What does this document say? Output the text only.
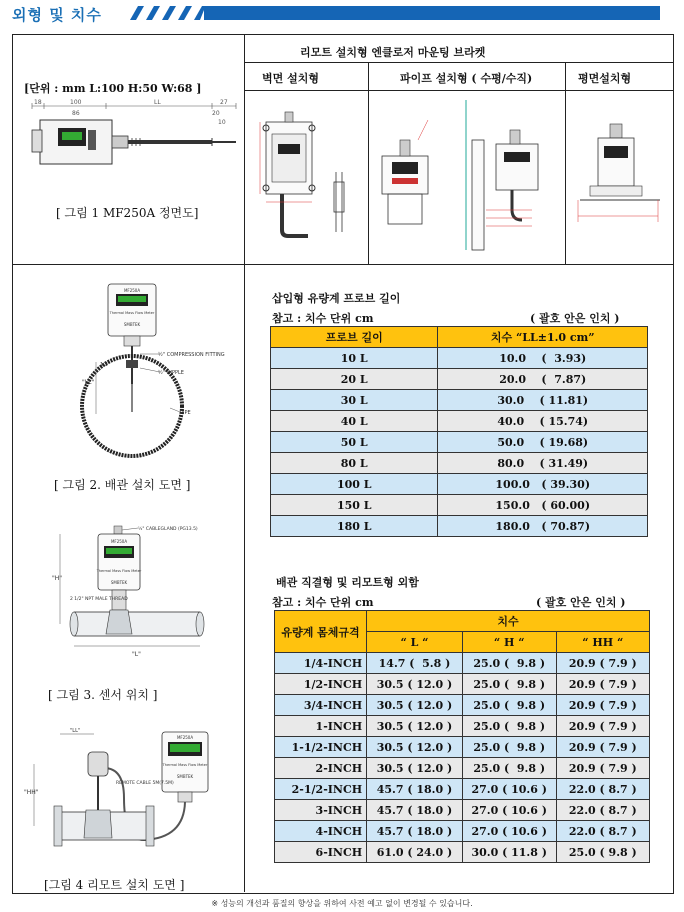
외형 및 치수
[단위 : mm L:100 H:50 W:68 ]
18	100	LL	27
20
10
86
[ 그림 1 MF250A 정면도]
리모트 설치형 엔클로저 마운팅 브라켓
벽면 설치형	파이프 설치형 ( 수평/수직)	평면설치형
MF250A
Thermal Mass Flow Meter
SMBTEK
"LL"
1.5
½" COMPRESSION FITTING
½" NIPPLE
PIPE
[ 그림 2. 배관 설치 도면 ]
½" CABLEGLAND (PG13.5)
MF250A
Thermal Mass Flow Meter
SMBTEK
2 1/2" NPT MALE THREAD
"L"
"H"
[ 그림 3. 센서 위치 ]
MF250A
Thermal Mass Flow Meter
SMBTEK
REMOTE CABLE 5M(7.5M)
"HH"
"LL"
[그림 4 리모트 설치 도면 ]
삽입형 유량계 프로브 길이
참고 : 치수 단위 cm	( 괄호 안은 인치 )
프로브 길이	치수 “LL±1.0 cm”
10 L	10.0    (  3.93)
20 L	20.0    (  7.87)
30 L	30.0    ( 11.81)
40 L	40.0    ( 15.74)
50 L	50.0    ( 19.68)
80 L	80.0    ( 31.49)
100 L	100.0   ( 39.30)
150 L	150.0   ( 60.00)
180 L	180.0   ( 70.87)
배관 직결형 및 리모트형 외함
참고 : 치수 단위 cm	( 괄호 안은 인치 )
유량계 몸체규격	치수		
	“ L “	“ H “	“ HH “
1/4-INCH	14.7 (  5.8 )	25.0 (  9.8 )	20.9 ( 7.9 )
1/2-INCH	30.5 ( 12.0 )	25.0 (  9.8 )	20.9 ( 7.9 )
3/4-INCH	30.5 ( 12.0 )	25.0 (  9.8 )	20.9 ( 7.9 )
1-INCH	30.5 ( 12.0 )	25.0 (  9.8 )	20.9 ( 7.9 )
1-1/2-INCH	30.5 ( 12.0 )	25.0 (  9.8 )	20.9 ( 7.9 )
2-INCH	30.5 ( 12.0 )	25.0 (  9.8 )	20.9 ( 7.9 )
2-1/2-INCH	45.7 ( 18.0 )	27.0 ( 10.6 )	22.0 ( 8.7 )
3-INCH	45.7 ( 18.0 )	27.0 ( 10.6 )	22.0 ( 8.7 )
4-INCH	45.7 ( 18.0 )	27.0 ( 10.6 )	22.0 ( 8.7 )
6-INCH	61.0 ( 24.0 )	30.0 ( 11.8 )	25.0 ( 9.8 )
※ 성능의 개선과 품질의 향상을 위하여 사전 예고 없이 변경될 수 있습니다.
